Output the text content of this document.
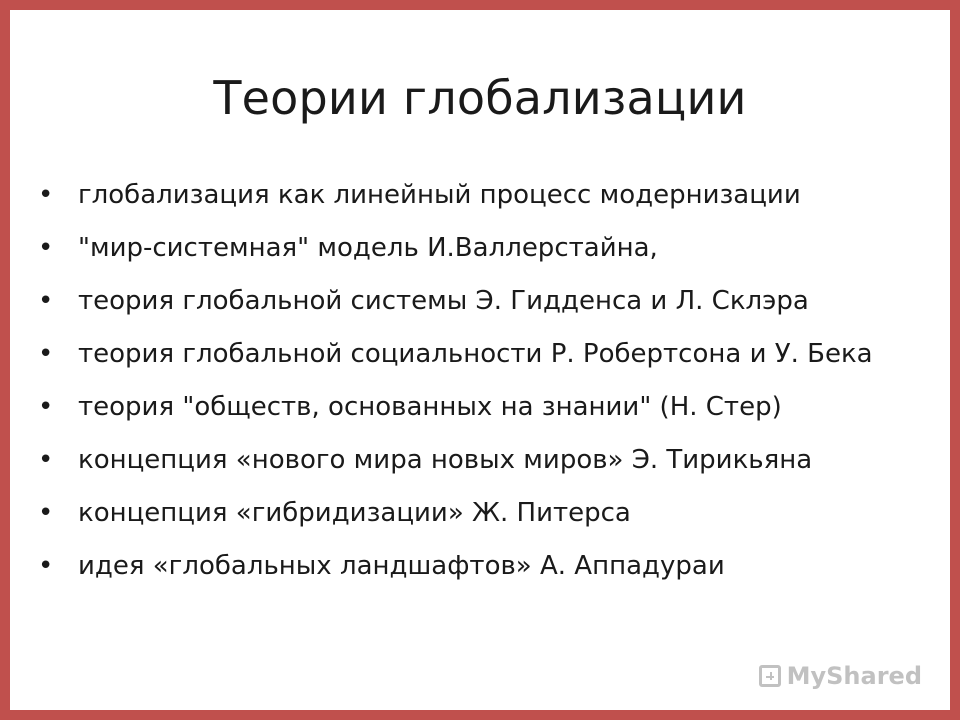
Теории глобализации
• глобализация как линейный процесс модернизации
• "мир-системная" модель И.Валлерстайна,
• теория глобальной системы Э. Гидденса и Л. Склэра
• теория глобальной социальности Р. Робертсона и У. Бека
• теория "обществ, основанных на знании" (Н. Стер)
• концепция «нового мира новых миров» Э. Тирикьяна
• концепция «гибридизации» Ж. Питерса
• идея «глобальных ландшафтов» А. Аппадураи
MyShared
